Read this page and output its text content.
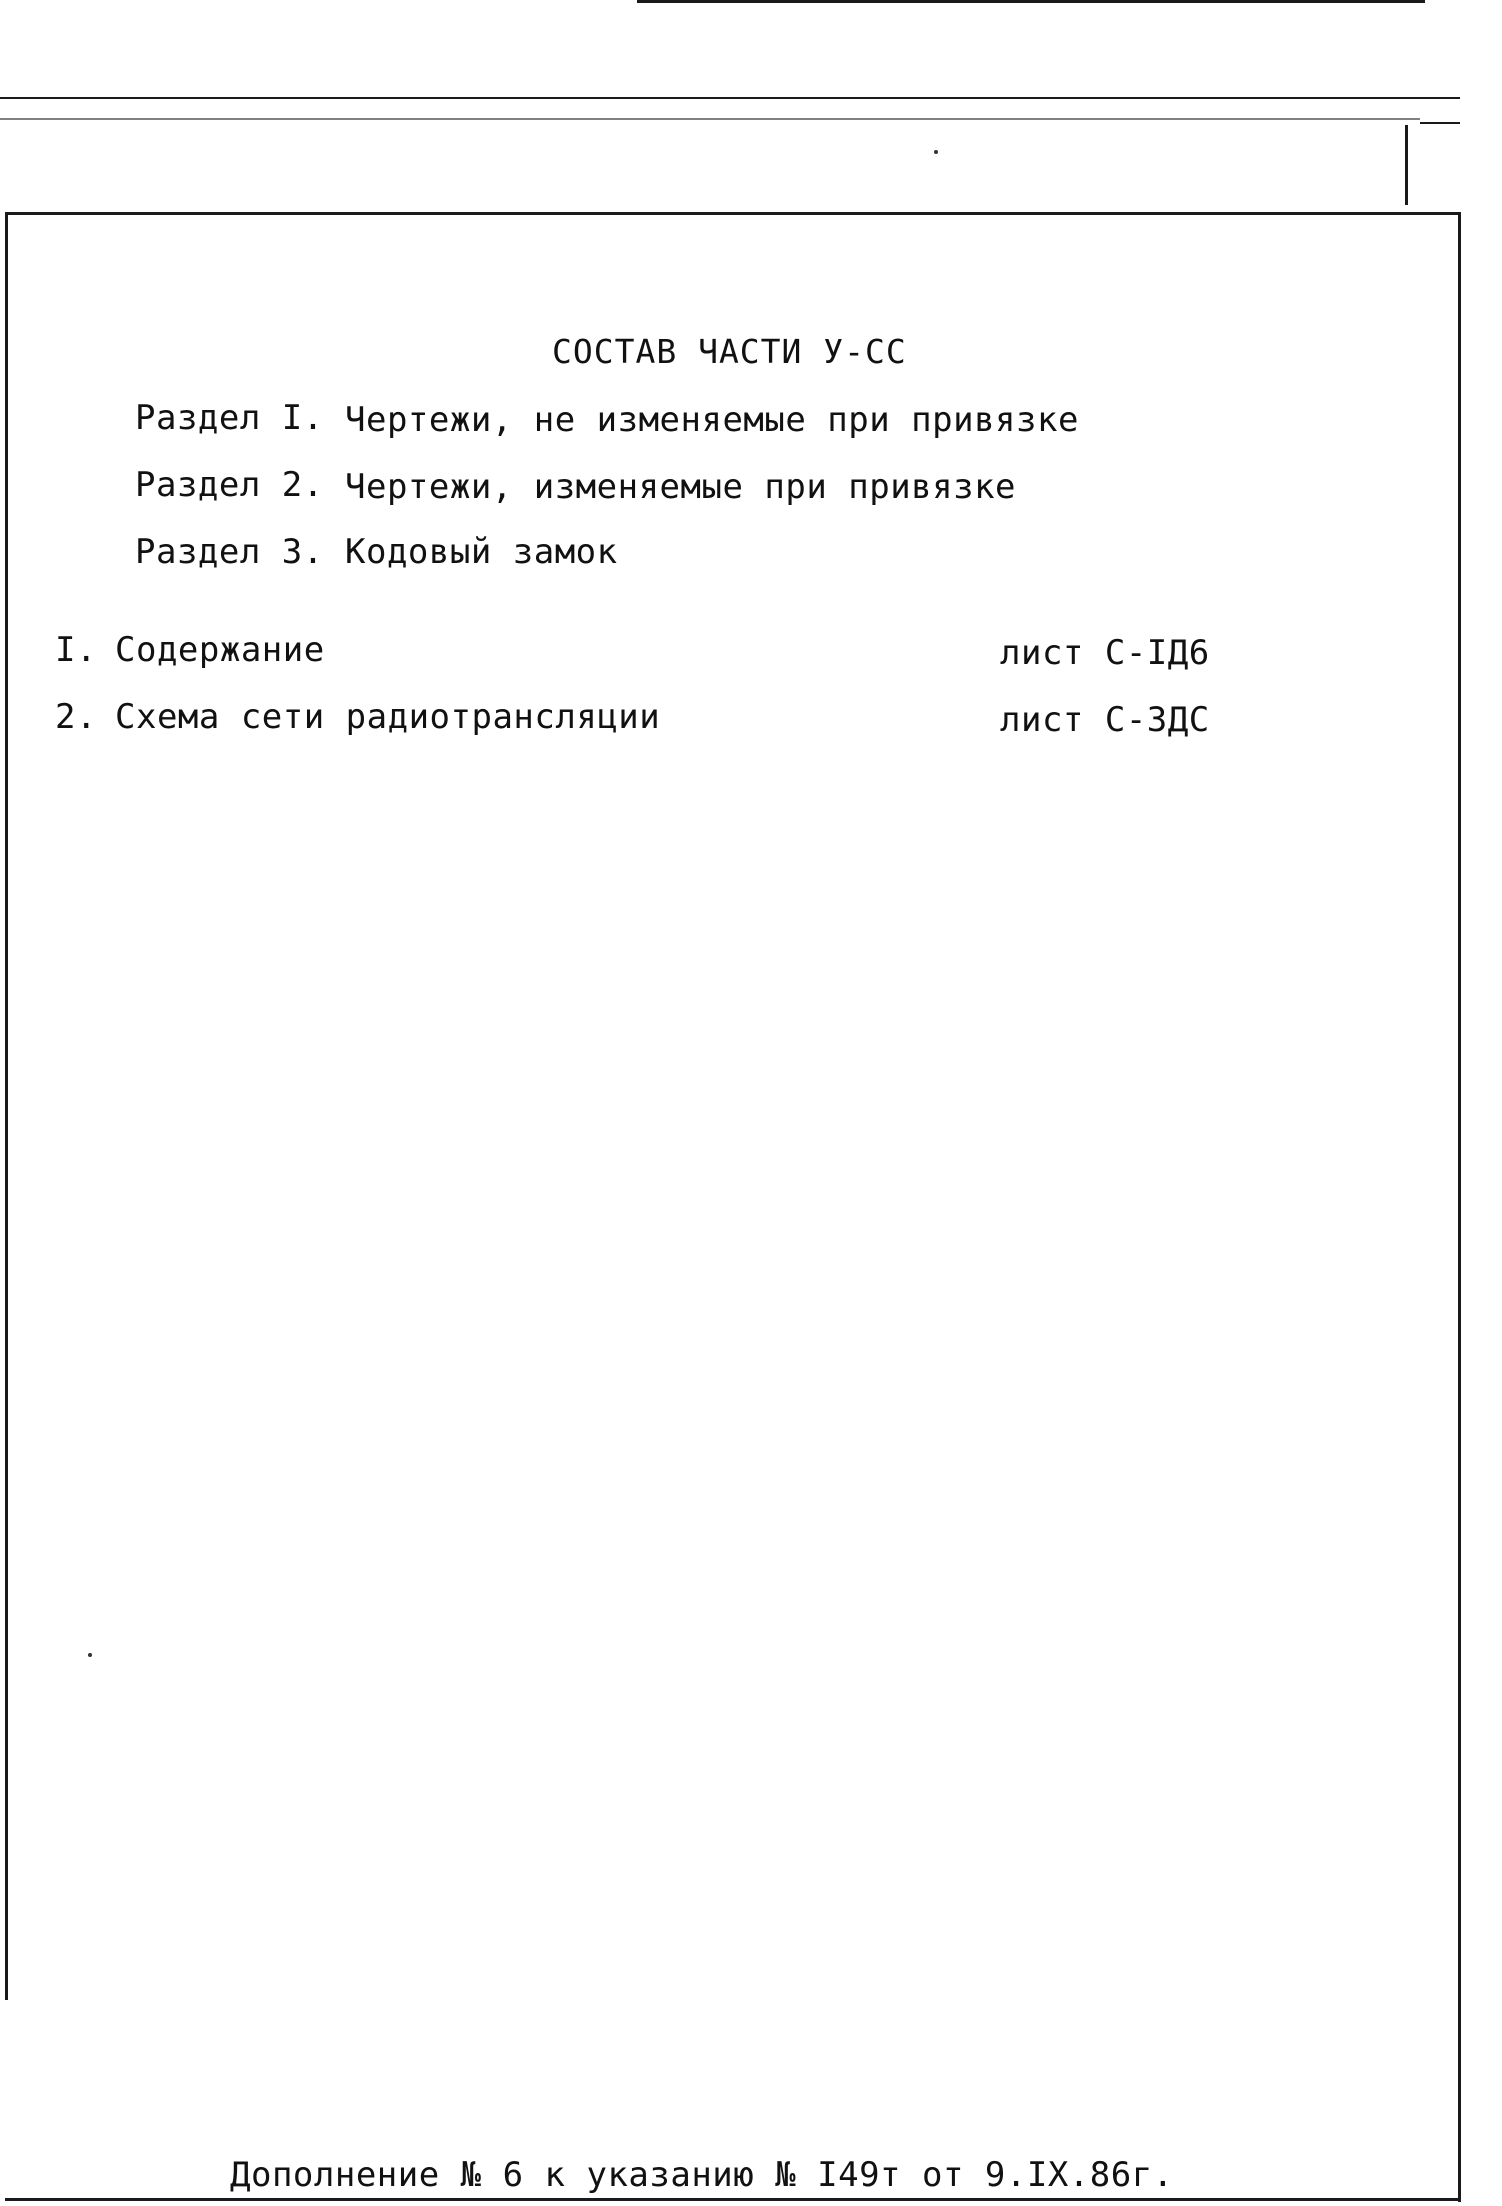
СОСТАВ ЧАСТИ У-СС
Раздел I. Чертежи, не изменяемые при привязке
Раздел 2. Чертежи, изменяемые при привязке
Раздел 3. Кодовый замок
I. Содержание	лист С-IД6
2. Схема сети радиотрансляции	лист С-3ДС
Дополнение № 6 к указанию № I49т от 9.IX.86г.
